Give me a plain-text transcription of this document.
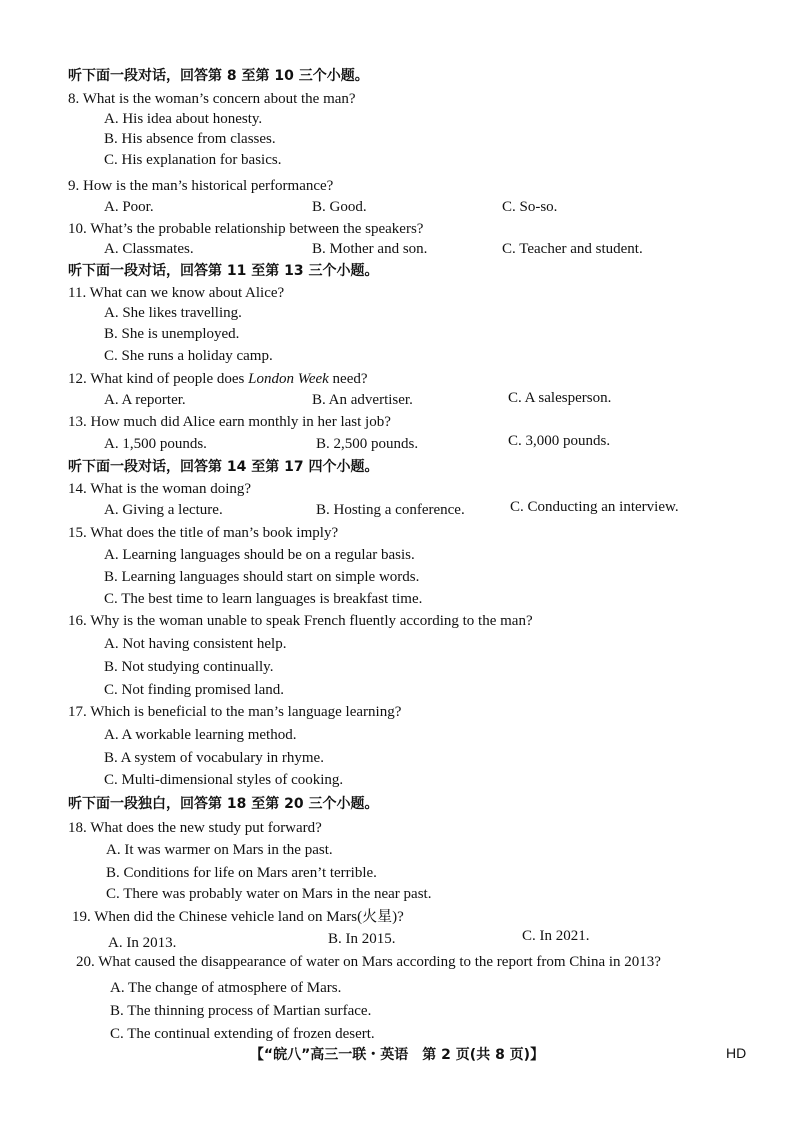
听下面一段对话，回答第 8 至第 10 三个小题。
8. What is the woman’s concern about the man?
A. His idea about honesty.
B. His absence from classes.
C. His explanation for basics.
9. How is the man’s historical performance?
A. Poor.	B. Good.	C. So-so.
10. What’s the probable relationship between the speakers?
A. Classmates.	B. Mother and son.	C. Teacher and student.
听下面一段对话，回答第 11 至第 13 三个小题。
11. What can we know about Alice?
A. She likes travelling.
B. She is unemployed.
C. She runs a holiday camp.
12. What kind of people does London Week need?
A. A reporter.	B. An advertiser.	C. A salesperson.
13. How much did Alice earn monthly in her last job?
A. 1,500 pounds.	B. 2,500 pounds.	C. 3,000 pounds.
听下面一段对话，回答第 14 至第 17 四个小题。
14. What is the woman doing?
A. Giving a lecture.	B. Hosting a conference.	C. Conducting an interview.
15. What does the title of man’s book imply?
A. Learning languages should be on a regular basis.
B. Learning languages should start on simple words.
C. The best time to learn languages is breakfast time.
16. Why is the woman unable to speak French fluently according to the man?
A. Not having consistent help.
B. Not studying continually.
C. Not finding promised land.
17. Which is beneficial to the man’s language learning?
A. A workable learning method.
B. A system of vocabulary in rhyme.
C. Multi-dimensional styles of cooking.
听下面一段独白，回答第 18 至第 20 三个小题。
18. What does the new study put forward?
A. It was warmer on Mars in the past.
B. Conditions for life on Mars aren’t terrible.
C. There was probably water on Mars in the near past.
19. When did the Chinese vehicle land on Mars(火星)?
A. In 2013.	B. In 2015.	C. In 2021.
20. What caused the disappearance of water on Mars according to the report from China in 2013?
A. The change of atmosphere of Mars.
B. The thinning process of Martian surface.
C. The continual extending of frozen desert.
【“皖八”高三一联・英语　第 2 页(共 8 页)】	HD
